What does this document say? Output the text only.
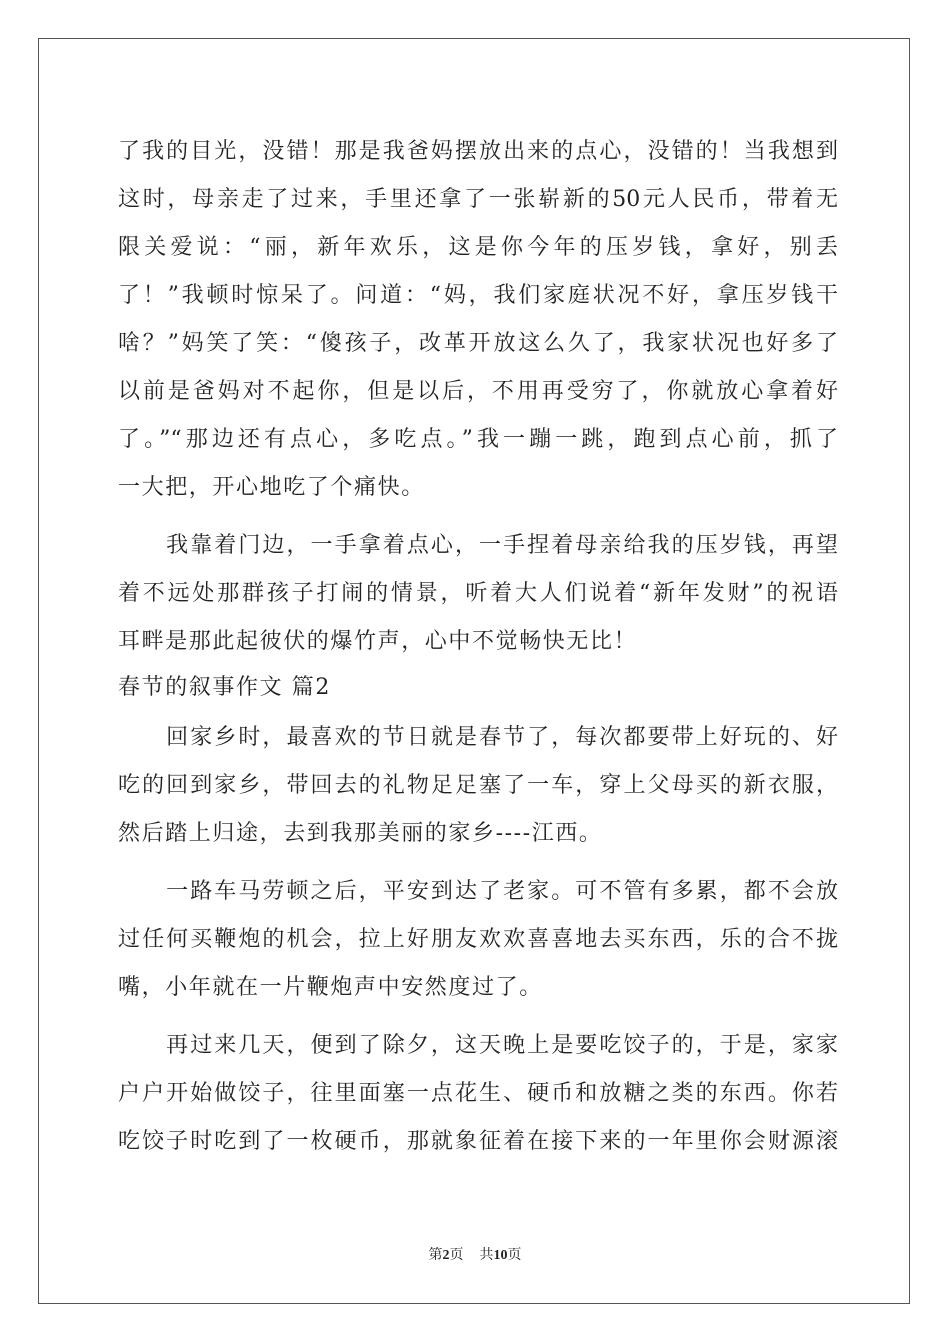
了我的目光，没错！那是我爸妈摆放出来的点心，没错的！当我想到
这时，母亲走了过来，手里还拿了一张崭新的50元人民币，带着无
限关爱说：“丽，新年欢乐，这是你今年的压岁钱，拿好，别丢
了！”我顿时惊呆了。问道：“妈，我们家庭状况不好，拿压岁钱干
啥？”妈笑了笑：“傻孩子，改革开放这么久了，我家状况也好多了
以前是爸妈对不起你，但是以后，不用再受穷了，你就放心拿着好
了。”“那边还有点心，多吃点。”我一蹦一跳，跑到点心前，抓了
一大把，开心地吃了个痛快。
　　我靠着门边，一手拿着点心，一手捏着母亲给我的压岁钱，再望
着不远处那群孩子打闹的情景，听着大人们说着“新年发财”的祝语
耳畔是那此起彼伏的爆竹声，心中不觉畅快无比！
春节的叙事作文 篇2
　　回家乡时，最喜欢的节日就是春节了，每次都要带上好玩的、好
吃的回到家乡，带回去的礼物足足塞了一车，穿上父母买的新衣服，
然后踏上归途，去到我那美丽的家乡----江西。
　　一路车马劳顿之后，平安到达了老家。可不管有多累，都不会放
过任何买鞭炮的机会，拉上好朋友欢欢喜喜地去买东西，乐的合不拢
嘴，小年就在一片鞭炮声中安然度过了。
　　再过来几天，便到了除夕，这天晚上是要吃饺子的，于是，家家
户户开始做饺子，往里面塞一点花生、硬币和放糖之类的东西。你若
吃饺子时吃到了一枚硬币，那就象征着在接下来的一年里你会财源滚
第2页 共10页
